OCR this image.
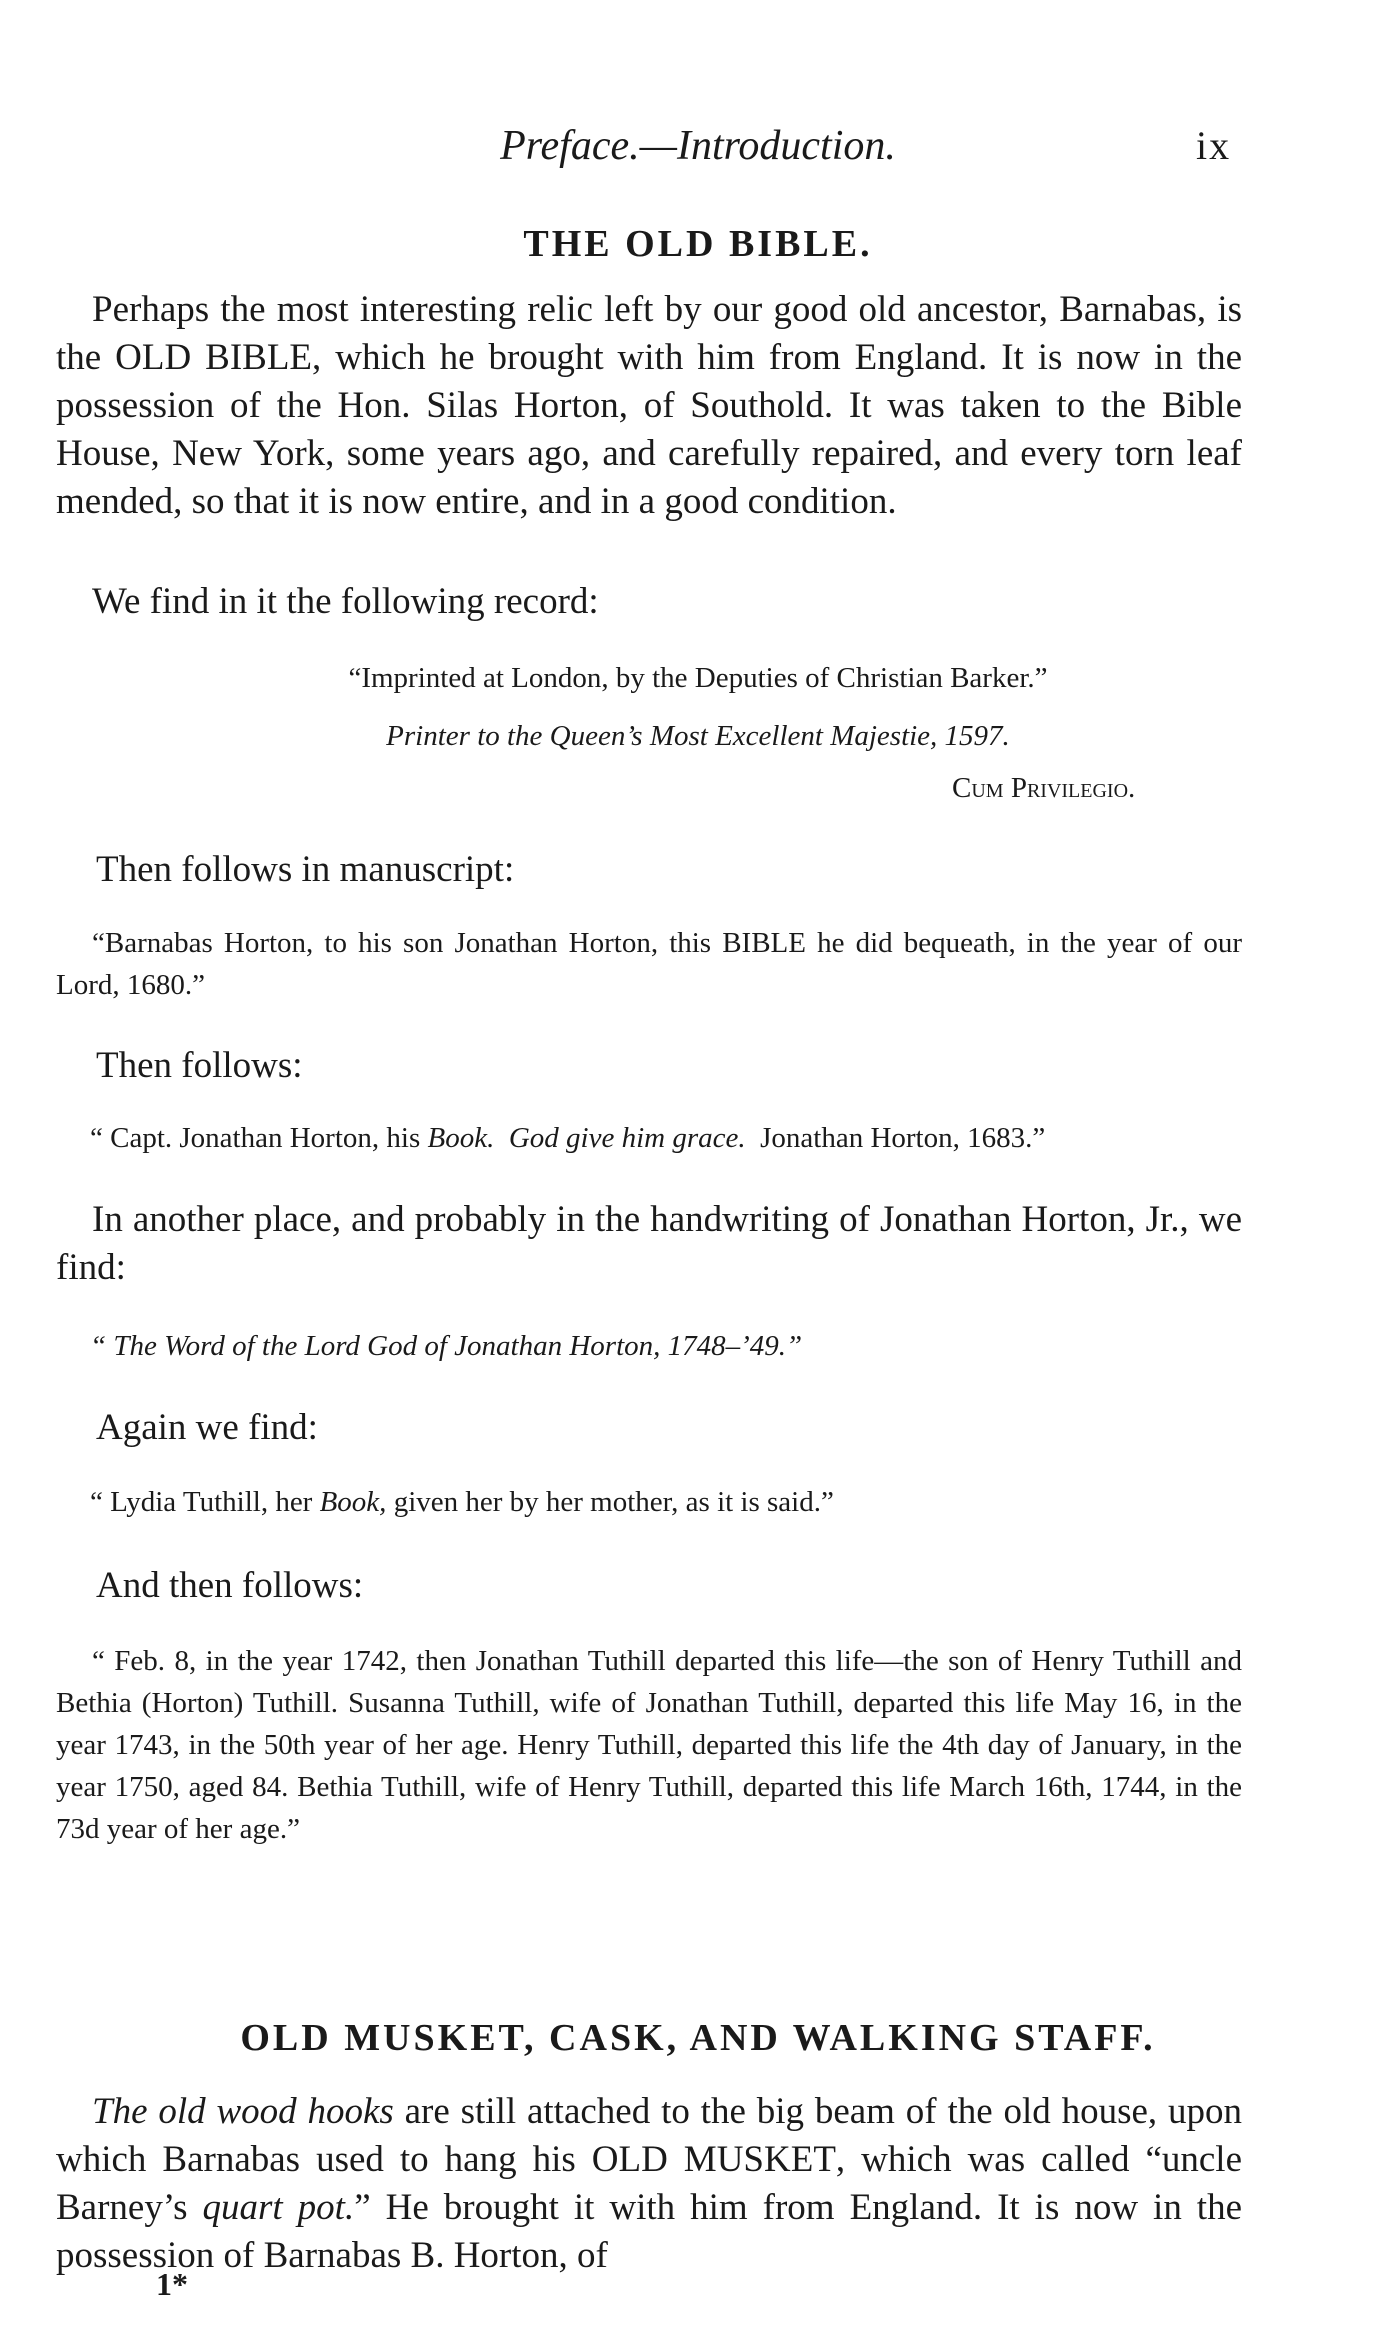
Preface.—Introduction.	ix

THE OLD BIBLE.

Perhaps the most interesting relic left by our good old ancestor, Barnabas, is the OLD BIBLE, which he brought with him from England. It is now in the possession of the Hon. Silas Horton, of Southold. It was taken to the Bible House, New York, some years ago, and carefully repaired, and every torn leaf mended, so that it is now entire, and in a good condition.

We find in it the following record:

“Imprinted at London, by the Deputies of Christian Barker.”

Printer to the Queen’s Most Excellent Majestie, 1597.

Cum Privilegio.

Then follows in manuscript:

“Barnabas Horton, to his son Jonathan Horton, this BIBLE he did bequeath, in the year of our Lord, 1680.”

Then follows:

“ Capt. Jonathan Horton, his Book. God give him grace. Jonathan Horton, 1683.”

In another place, and probably in the handwriting of Jonathan Horton, Jr., we find:

“ The Word of the Lord God of Jonathan Horton, 1748–’49.”

Again we find:

“ Lydia Tuthill, her Book, given her by her mother, as it is said.”

And then follows:

“ Feb. 8, in the year 1742, then Jonathan Tuthill departed this life—the son of Henry Tuthill and Bethia (Horton) Tuthill. Susanna Tuthill, wife of Jonathan Tuthill, departed this life May 16, in the year 1743, in the 50th year of her age. Henry Tuthill, departed this life the 4th day of January, in the year 1750, aged 84. Bethia Tuthill, wife of Henry Tuthill, departed this life March 16th, 1744, in the 73d year of her age.”

OLD MUSKET, CASK, AND WALKING STAFF.

The old wood hooks are still attached to the big beam of the old house, upon which Barnabas used to hang his OLD MUSKET, which was called “uncle Barney’s quart pot.” He brought it with him from England. It is now in the possession of Barnabas B. Horton, of

1*
